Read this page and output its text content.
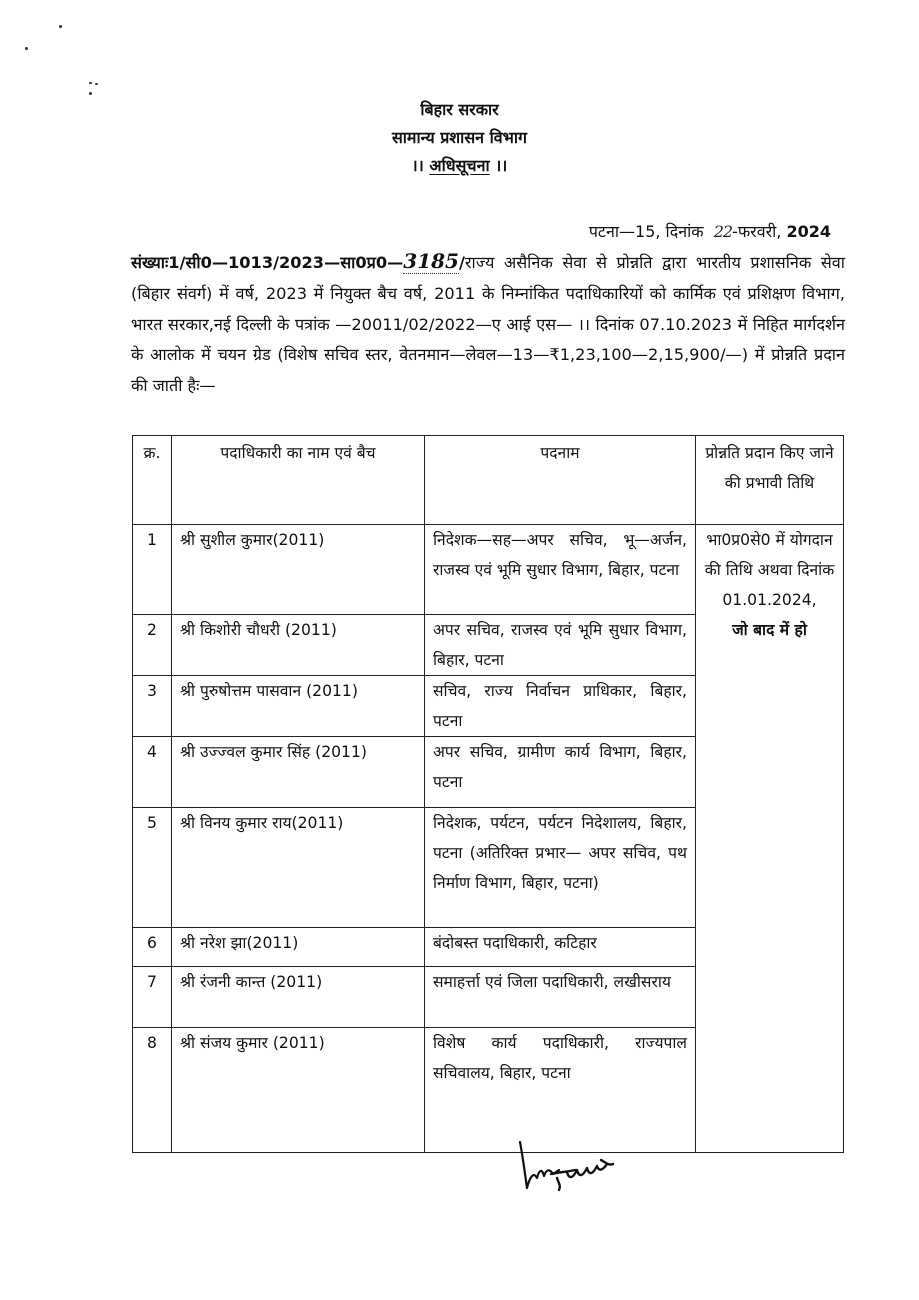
बिहार सरकार
सामान्य प्रशासन विभाग
।। अधिसूचना ।।
पटना—15, दिनांक 22-फरवरी, 2024
संख्याः1/सी0—1013/2023—सा0प्र0—3185/राज्य असैनिक सेवा से प्रोन्नति द्वारा भारतीय प्रशासनिक सेवा (बिहार संवर्ग) में वर्ष, 2023 में नियुक्त बैच वर्ष, 2011 के निम्नांकित पदाधिकारियों को कार्मिक एवं प्रशिक्षण विभाग, भारत सरकार,नई दिल्ली के पत्रांक —20011/02/2022—ए आई एस— ।। दिनांक 07.10.2023 में निहित मार्गदर्शन के आलोक में चयन ग्रेड (विशेष सचिव स्तर, वेतनमान—लेवल—13—₹1,23,100—2,15,900/—) में प्रोन्नति प्रदान की जाती हैः—
क्र.	पदाधिकारी का नाम एवं बैच	पदनाम	प्रोन्नति प्रदान किए जाने की प्रभावी तिथि
1	श्री सुशील कुमार(2011)	निदेशक—सह—अपर सचिव, भू—अर्जन, राजस्व एवं भूमि सुधार विभाग, बिहार, पटना	भा0प्र0से0 में योगदान की तिथि अथवा दिनांक 01.01.2024,
जो बाद में हो
2	श्री किशोरी चौधरी (2011)	अपर सचिव, राजस्व एवं भूमि सुधार विभाग, बिहार, पटना	
3	श्री पुरुषोत्तम पासवान (2011)	सचिव, राज्य निर्वाचन प्राधिकार, बिहार, पटना	
4	श्री उज्ज्वल कुमार सिंह (2011)	अपर सचिव, ग्रामीण कार्य विभाग, बिहार, पटना	
5	श्री विनय कुमार राय(2011)	निदेशक, पर्यटन, पर्यटन निदेशालय, बिहार, पटना (अतिरिक्त प्रभार— अपर सचिव, पथ निर्माण विभाग, बिहार, पटना)	
6	श्री नरेश झा(2011)	बंदोबस्त पदाधिकारी, कटिहार	
7	श्री रंजनी कान्त (2011)	समाहर्त्ता एवं जिला पदाधिकारी, लखीसराय	
8	श्री संजय कुमार (2011)	विशेष कार्य पदाधिकारी, राज्यपाल सचिवालय, बिहार, पटना	
